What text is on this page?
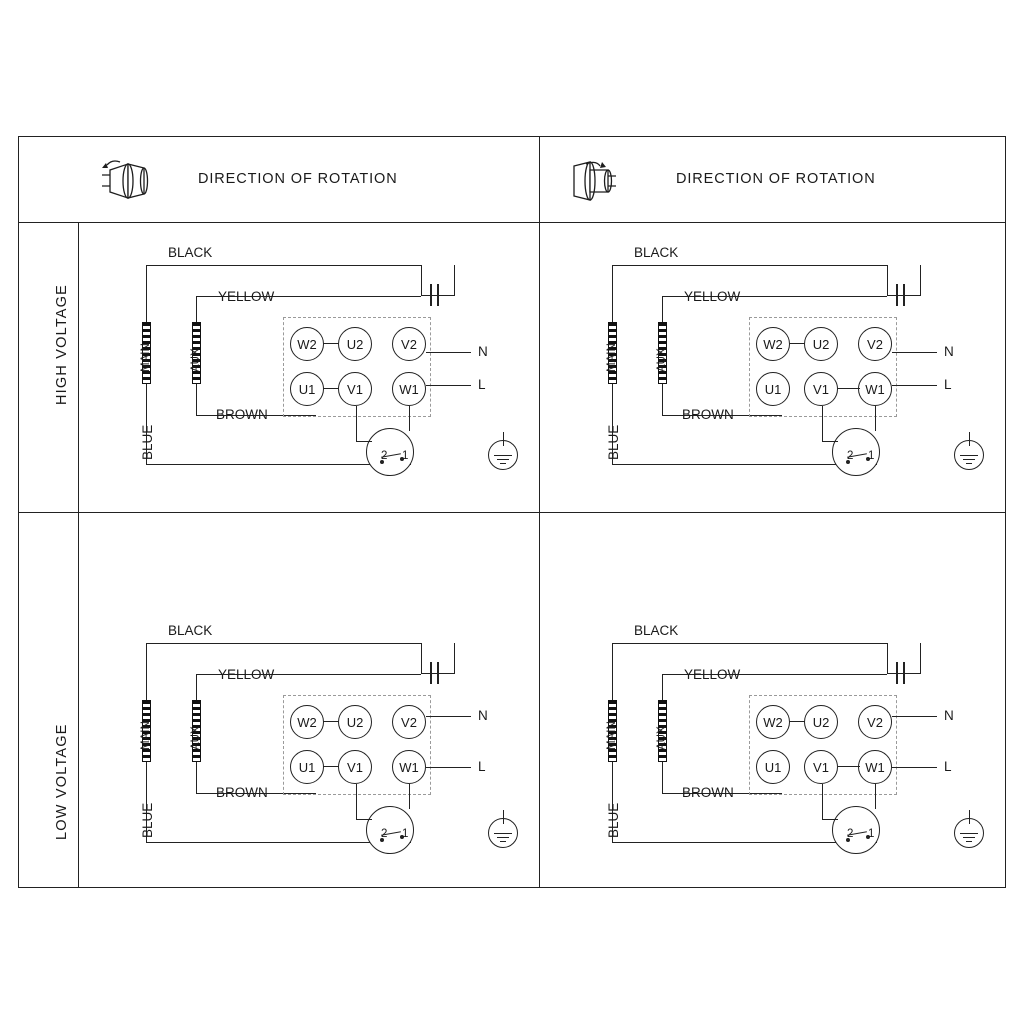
DIRECTION OF ROTATION	DIRECTION OF ROTATION
HIGH VOLTAGE
LOW VOLTAGE
BLACK
BLUE
YELLOW
BROWN
MAIN	AUX
W2	U2	V2
U1	V1	W1
N
L
2 1
BLACK
BLUE
YELLOW
BROWN
MAIN	AUX
W2	U2	V2
U1	V1	W1
N
L
2 1
BLACK
BLUE
YELLOW
BROWN
MAIN	AUX
W2	U2	V2
U1	V1	W1
N
L
2 1
BLACK
BLUE
YELLOW
BROWN
MAIN	AUX
W2	U2	V2
U1	V1	W1
N
L
2 1
